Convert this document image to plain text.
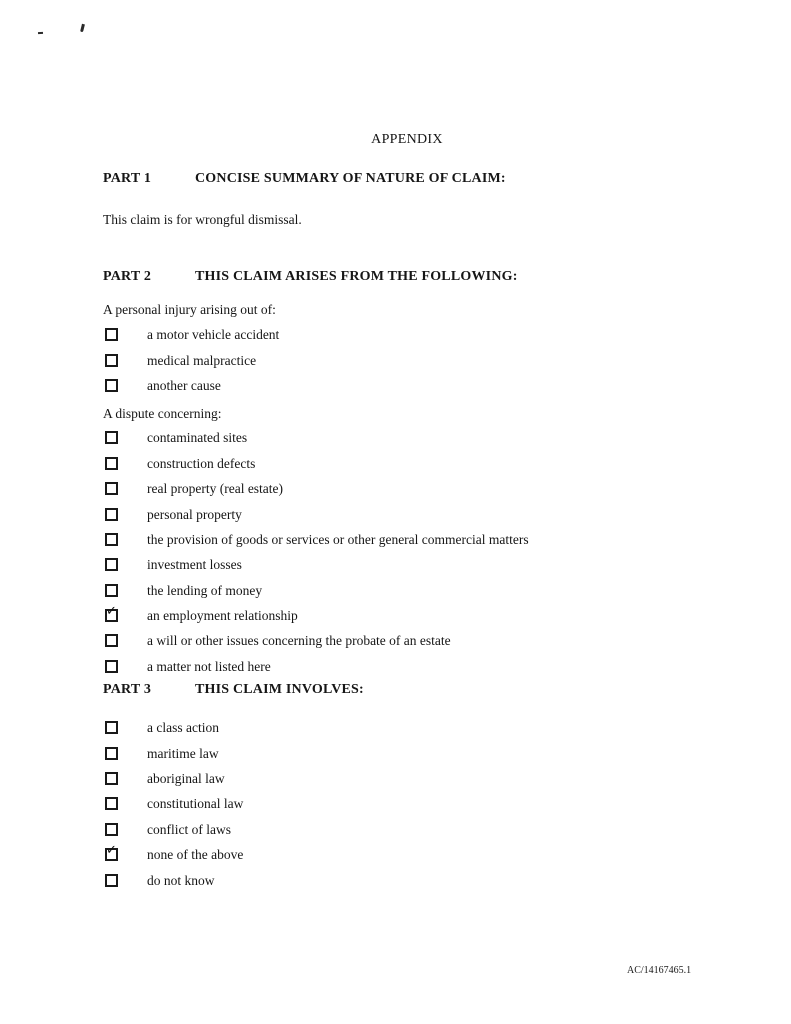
APPENDIX
PART 1	CONCISE SUMMARY OF NATURE OF CLAIM:

This claim is for wrongful dismissal.

PART 2	THIS CLAIM ARISES FROM THE FOLLOWING:

A personal injury arising out of:

a motor vehicle accident
medical malpractice
another cause

A dispute concerning:

contaminated sites
construction defects
real property (real estate)
personal property
the provision of goods or services or other general commercial matters
investment losses
the lending of money
✓ an employment relationship
a will or other issues concerning the probate of an estate
a matter not listed here
PART 3	THIS CLAIM INVOLVES:
a class action
maritime law
aboriginal law
constitutional law
conflict of laws
✓ none of the above
do not know
AC/14167465.1
